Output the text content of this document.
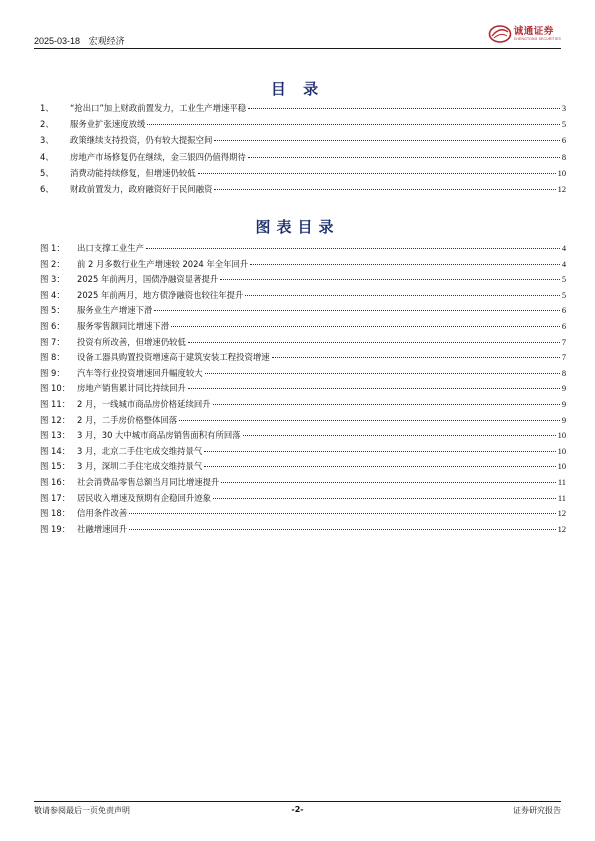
2025-03-18 宏观经济
诚通证券
CHENGTONG SECURITIES
目 录
1、	“抢出口”加上财政前置发力，工业生产增速平稳	3
2、	服务业扩张速度放缓	5
3、	政策继续支持投资，仍有较大提振空间	6
4、	房地产市场修复仍在继续，金三银四仍值得期待	8
5、	消费动能持续修复，但增速仍较低	10
6、	财政前置发力，政府融资好于民间融资	12
图表目录
图 1：	出口支撑工业生产	4
图 2：	前 2 月多数行业生产增速较 2024 年全年回升	4
图 3：	2025 年前两月，国债净融资显著提升	5
图 4：	2025 年前两月，地方债净融资也较往年提升	5
图 5：	服务业生产增速下滑	6
图 6：	服务零售额同比增速下滑	6
图 7：	投资有所改善，但增速仍较低	7
图 8：	设备工器具购置投资增速高于建筑安装工程投资增速	7
图 9：	汽车等行业投资增速回升幅度较大	8
图 10： 房地产销售累计同比持续回升	9
图 11： 2 月，一线城市商品房价格延续回升	9
图 12： 2 月，二手房价格整体回落	9
图 13： 3 月，30 大中城市商品房销售面积有所回落	10
图 14： 3 月，北京二手住宅成交维持景气	10
图 15： 3 月，深圳二手住宅成交维持景气	10
图 16： 社会消费品零售总额当月同比增速提升	11
图 17： 居民收入增速及预期有企稳回升迹象	11
图 18： 信用条件改善	12
图 19： 社融增速回升	12
敬请参阅最后一页免责声明	-2-	证券研究报告
